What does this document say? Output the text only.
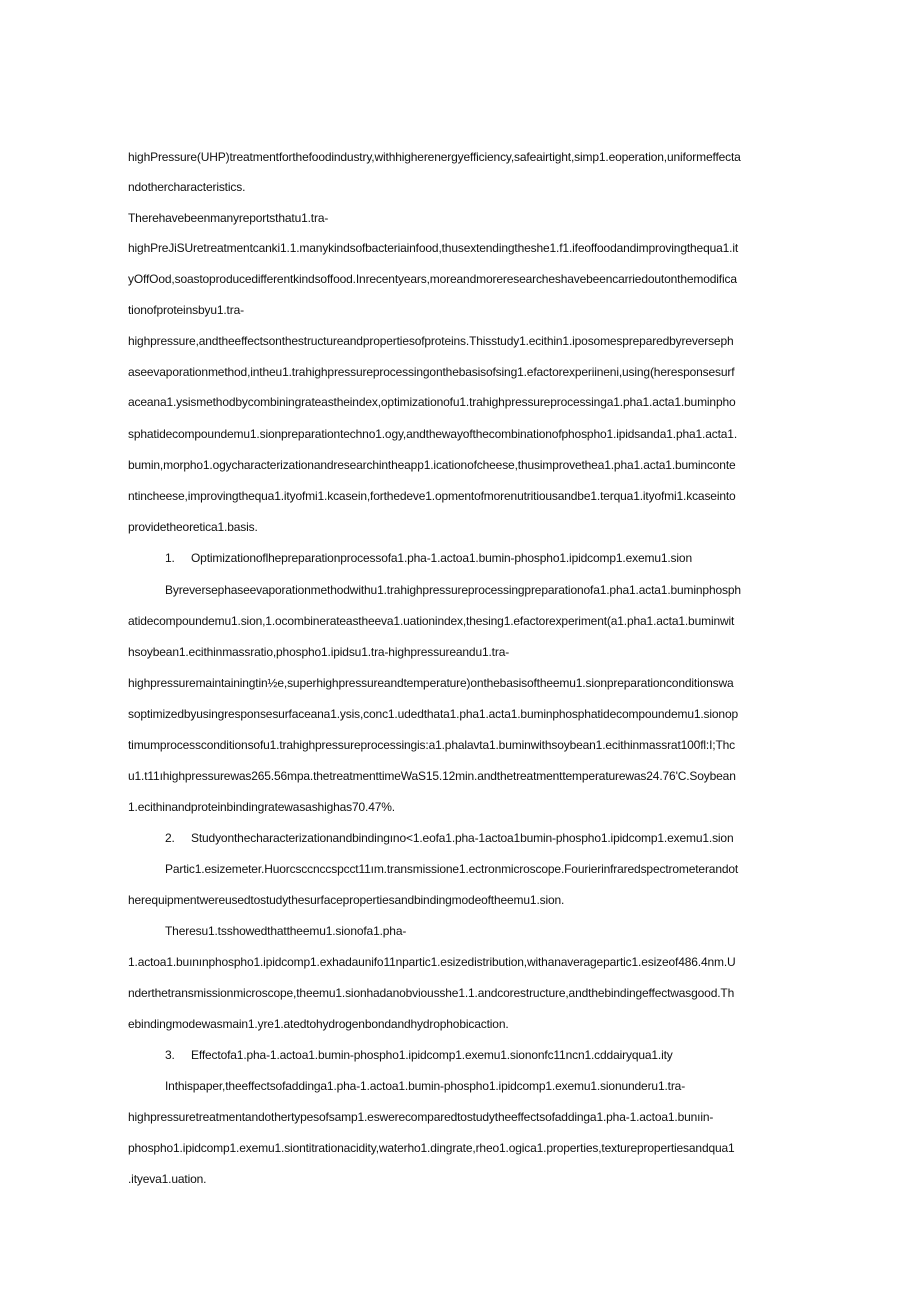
highPressure(UHP)treatmentforthefoodindustry,withhigherenergyefficiency,safeairtight,simp1.eoperation,uniformeffecta
ndothercharacteristics.
Therehavebeenmanyreportsthatu1.tra-
highPreJiSUretreatmentcanki1.1.manykindsofbacteriainfood,thusextendingtheshe1.f1.ifeoffoodandimprovingthequa1.it
yOffOod,soastoproducedifferentkindsoffood.Inrecentyears,moreandmoreresearcheshavebeencarriedoutonthemodifica
tionofproteinsbyu1.tra-
highpressure,andtheeffectsonthestructureandpropertiesofproteins.Thisstudy1.ecithin1.iposomespreparedbyreverseph
aseevaporationmethod,intheu1.trahighpressureprocessingonthebasisofsing1.efactorexperiineni,using(heresponsesurf
aceana1.ysismethodbycombiningrateastheindex,optimizationofu1.trahighpressureprocessinga1.pha1.acta1.buminpho
sphatidecompoundemu1.sionpreparationtechno1.ogy,andthewayofthecombinationofphospho1.ipidsanda1.pha1.acta1.
bumin,morpho1.ogycharacterizationandresearchintheapp1.icationofcheese,thusimprovethea1.pha1.acta1.buminconte
ntincheese,improvingthequa1.ityofmi1.kcasein,forthedeve1.opmentofmorenutritiousandbe1.terqua1.ityofmi1.kcaseinto
providetheoretica1.basis.
1. Optimizationoflhepreparationprocessofa1.pha-1.actoa1.bumin-phospho1.ipidcomp1.exemu1.sion
Byreversephaseevaporationmethodwithu1.trahighpressureprocessingpreparationofa1.pha1.acta1.buminphosph
atidecompoundemu1.sion,1.ocombinerateastheeva1.uationindex,thesing1.efactorexperiment(a1.pha1.acta1.buminwit
hsoybean1.ecithinmassratio,phospho1.ipidsu1.tra-highpressureandu1.tra-
highpressuremaintainingtin½e,superhighpressureandtemperature)onthebasisoftheemu1.sionpreparationconditionswa
soptimizedbyusingresponsesurfaceana1.ysis,conc1.udedthata1.pha1.acta1.buminphosphatidecompoundemu1.sionop
timumprocessconditionsofu1.trahighpressureprocessingis:a1.phalavta1.buminwithsoybean1.ecithinmassrat100fl:I;Thc
u1.t11ıhighpressurewas265.56mpa.thetreatmenttimeWaS15.12min.andthetreatmenttemperaturewas24.76'C.Soybean
1.ecithinandproteinbindingratewasashighas70.47%.
2. Studyonthecharacterizationandbindingıno<1.eofa1.pha-1actoa1bumin-phospho1.ipidcomp1.exemu1.sion
Partic1.esizemeter.Huorcsccnccspcct11ım.transmissione1.ectronmicroscope.Fourierinfraredspectrometerandot
herequipmentwereusedtostudythesurfacepropertiesandbindingmodeoftheemu1.sion.
Theresu1.tsshowedthattheemu1.sionofa1.pha-
1.actoa1.buınınphospho1.ipidcomp1.exhadaunifo11npartic1.esizedistribution,withanaveragepartic1.esizeof486.4nm.U
nderthetransmissionmicroscope,theemu1.sionhadanobviousshe1.1.andcorestructure,andthebindingeffectwasgood.Th
ebindingmodewasmain1.yre1.atedtohydrogenbondandhydrophobicaction.
3. Effectofa1.pha-1.actoa1.bumin-phospho1.ipidcomp1.exemu1.siononfc11ncn1.cddairyqua1.ity
Inthispaper,theeffectsofaddinga1.pha-1.actoa1.bumin-phospho1.ipidcomp1.exemu1.sionunderu1.tra-
highpressuretreatmentandothertypesofsamp1.eswerecomparedtostudytheeffectsofaddinga1.pha-1.actoa1.bunıin-
phospho1.ipidcomp1.exemu1.siontitrationacidity,waterho1.dingrate,rheo1.ogica1.properties,texturepropertiesandqua1
.ityeva1.uation.
